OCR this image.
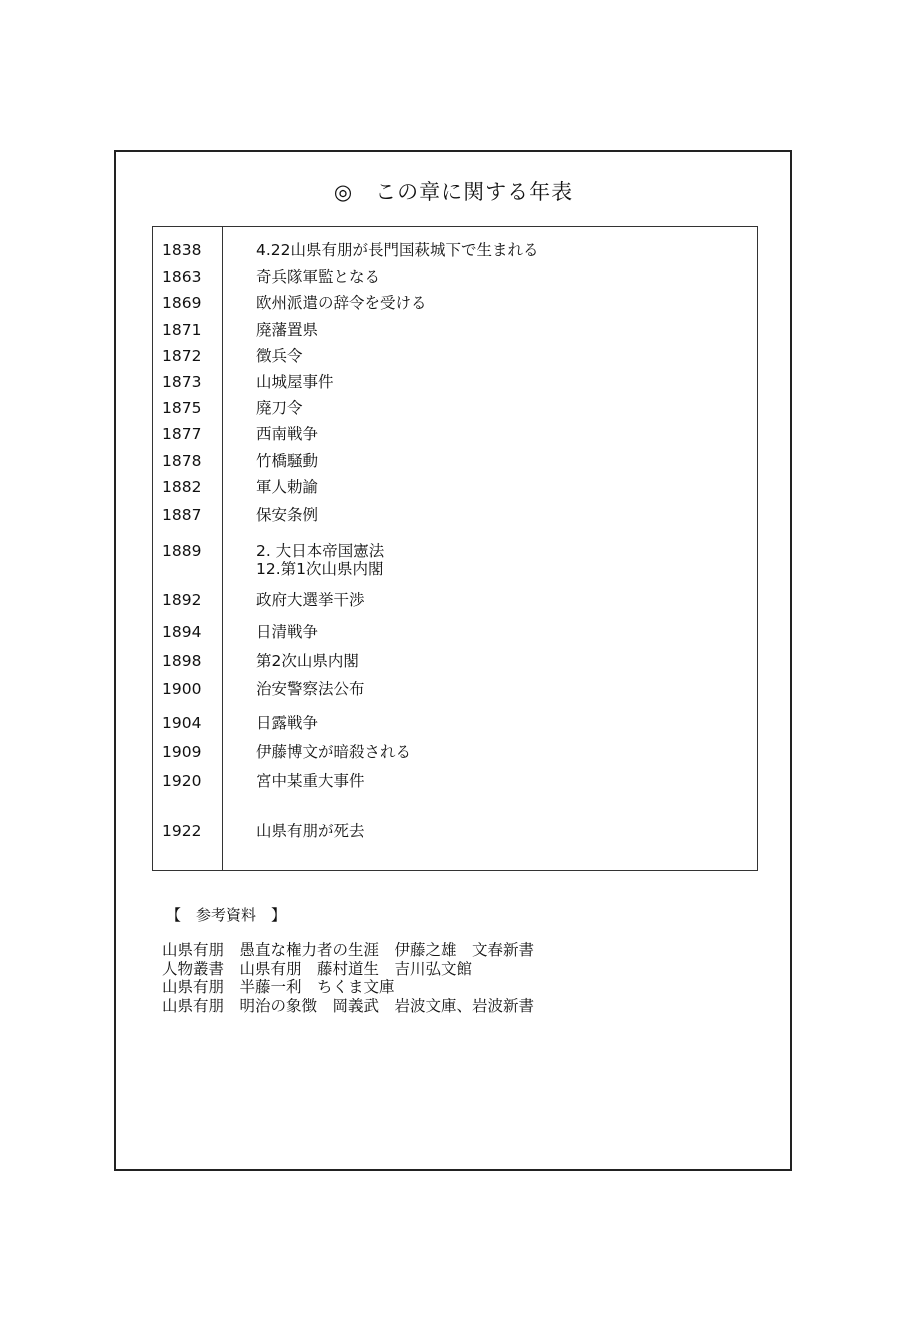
◎　この章に関する年表
1838	4.22山県有朋が長門国萩城下で生まれる
1863	奇兵隊軍監となる
1869	欧州派遣の辞令を受ける
1871	廃藩置県
1872	徴兵令
1873	山城屋事件
1875	廃刀令
1877	西南戦争
1878	竹橋騒動
1882	軍人勅諭
1887	保安条例
1889	2. 大日本帝国憲法
12.第1次山県内閣
1892	政府大選挙干渉
1894	日清戦争
1898	第2次山県内閣
1900	治安警察法公布
1904	日露戦争
1909	伊藤博文が暗殺される
1920	宮中某重大事件
1922	山県有朋が死去
【　参考資料　】
山県有朋　愚直な権力者の生涯　伊藤之雄　文春新書
人物叢書　山県有朋　藤村道生　吉川弘文館
山県有朋　半藤一利　ちくま文庫
山県有朋　明治の象徴　岡義武　岩波文庫、岩波新書
